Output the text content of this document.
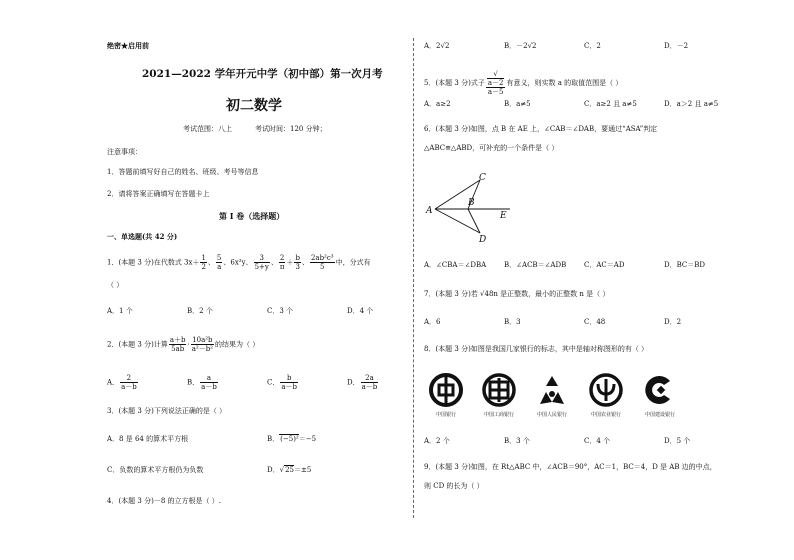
绝密★启用前
2021—2022 学年开元中学（初中部）第一次月考
初二数学
考试范围：八上	考试时间：120 分钟；
注意事项：
1．答题前填写好自己的姓名、班级、考号等信息
2．请将答案正确填写在答题卡上
第 I 卷（选择题）
一、单选题(共 42 分)
1．(本题 3 分)在代数式 $3x+ \frac{1}{2}$ 、 $\frac{5}{a}$ 、6x²y、 $\frac{3}{5+y}$ 、 $\frac{2}{\pi} + \frac{b}{3}$ 、 $\frac{\text{2ab²c³}}{5}$ 中，分式有
（ ）
A．1 个	B．2 个	C．3 个	D．4 个
2．(本题 3 分)计算 $\frac{a+b}{5ab} \cdot \frac{\text{10a²b}}{\text{a²－b²}}$ 的结果为（ ）
A． $\frac{2}{a-b}$	B． $\frac{a}{a-b}$	C． $\frac{b}{a-b}$	D． $\frac{2a}{a-b}$
3．(本题 3 分)下列说法正确的是（ ）
A．8 是 64 的算术平方根	B．(−5)²＝−5
C．负数的算术平方根仍为负数	D．√25＝±5
4．(本题 3 分)－8 的立方根是（ ）.
A．2√2	B．－2√2	C．2	D．－2
5．(本题 3 分)式子 √
a－2
a－5 有意义，则实数 a 的取值范围是（ ）
A．a≥2	B．a≠5	C．a≥2 且 a≠5	D．a＞2 且 a≠5
6．(本题 3 分)如图，点 B 在 AE 上，∠CAB＝∠DAB，要通过“ASA”判定
△ABC≌△ABD，可补充的一个条件是（ ）
C
B
E
A
D
A．∠CBA＝∠DBA	B．∠ACB＝∠ADB	C．AC＝AD	D．BC＝BD
7．(本题 3 分)若 √48n 是正整数，最小的正整数 n 是（ ）
A．6	B．3	C．48	D．2
8．(本题 3 分)如图是我国几家银行的标志，其中是轴对称图形的有（ ）
中国银行	中国工商银行	中国人民银行	中国农业银行	中国建设银行
A．2 个	B．3 个	C．4 个	D．5 个
9．(本题 3 分)如图，在 Rt△ABC 中，∠ACB＝90°，AC＝1，BC＝4，D 是 AB 边的中点，
则 CD 的长为（ ）
